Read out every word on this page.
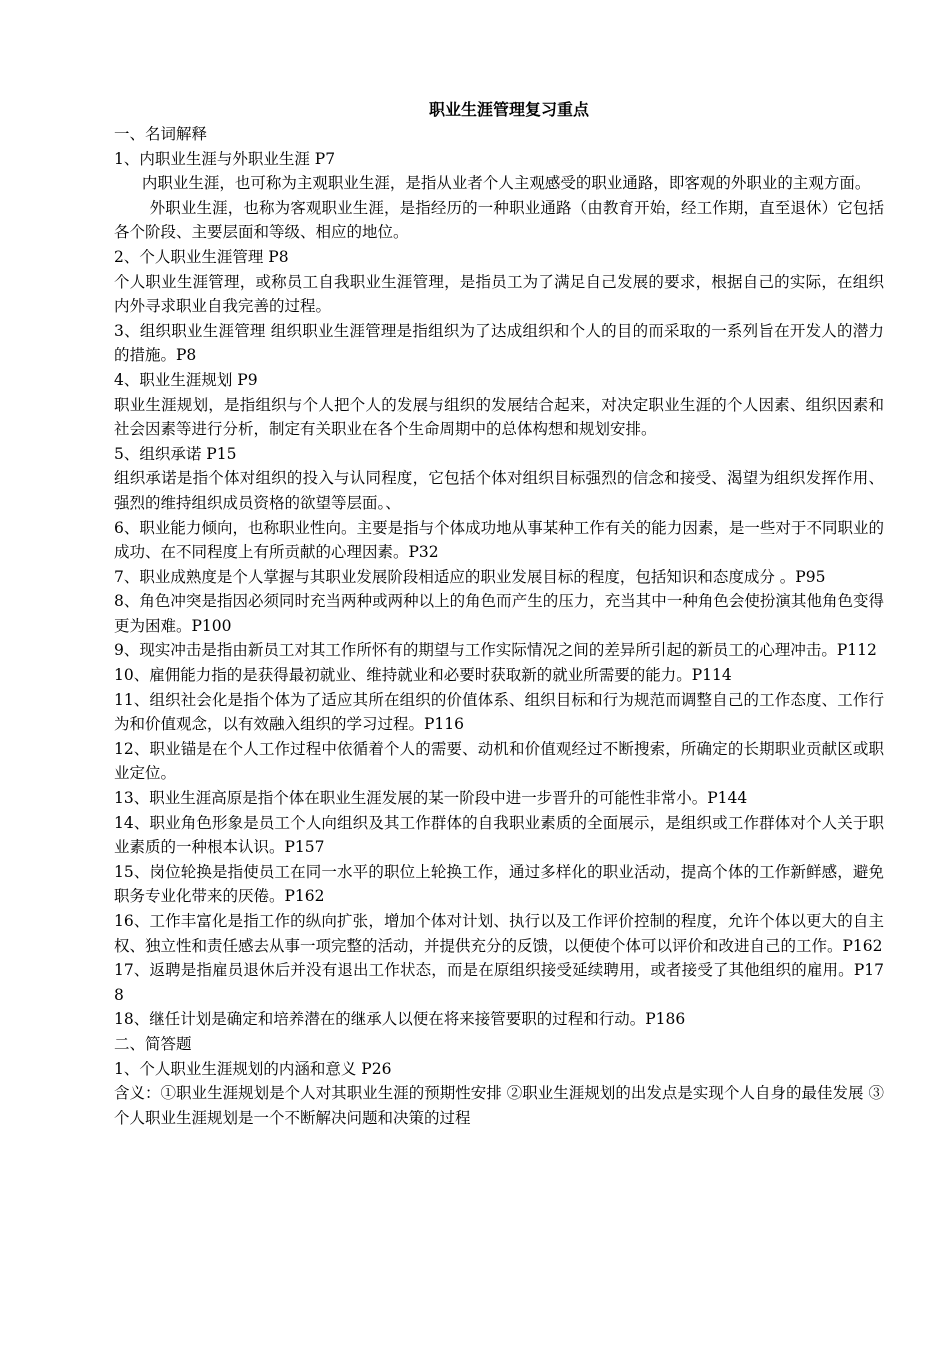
职业生涯管理复习重点

一、名词解释

1、内职业生涯与外职业生涯 P7

内职业生涯，也可称为主观职业生涯，是指从业者个人主观感受的职业通路，即客观的外职业的主观方面。

外职业生涯，也称为客观职业生涯，是指经历的一种职业通路（由教育开始，经工作期，直至退休）它包括各个阶段、主要层面和等级、相应的地位。

2、个人职业生涯管理 P8

个人职业生涯管理，或称员工自我职业生涯管理，是指员工为了满足自己发展的要求，根据自己的实际，在组织内外寻求职业自我完善的过程。

3、组织职业生涯管理 组织职业生涯管理是指组织为了达成组织和个人的目的而采取的一系列旨在开发人的潜力的措施。P8

4、职业生涯规划 P9

职业生涯规划，是指组织与个人把个人的发展与组织的发展结合起来，对决定职业生涯的个人因素、组织因素和社会因素等进行分析，制定有关职业在各个生命周期中的总体构想和规划安排。

5、组织承诺 P15

组织承诺是指个体对组织的投入与认同程度，它包括个体对组织目标强烈的信念和接受、渴望为组织发挥作用、强烈的维持组织成员资格的欲望等层面。、

6、职业能力倾向，也称职业性向。主要是指与个体成功地从事某种工作有关的能力因素，是一些对于不同职业的成功、在不同程度上有所贡献的心理因素。P32

7、职业成熟度是个人掌握与其职业发展阶段相适应的职业发展目标的程度，包括知识和态度成分 。P95

8、角色冲突是指因必须同时充当两种或两种以上的角色而产生的压力，充当其中一种角色会使扮演其他角色变得更为困难。P100

9、现实冲击是指由新员工对其工作所怀有的期望与工作实际情况之间的差异所引起的新员工的心理冲击。P112

10、雇佣能力指的是获得最初就业、维持就业和必要时获取新的就业所需要的能力。P114

11、组织社会化是指个体为了适应其所在组织的价值体系、组织目标和行为规范而调整自己的工作态度、工作行为和价值观念，以有效融入组织的学习过程。P116

12、职业锚是在个人工作过程中依循着个人的需要、动机和价值观经过不断搜索，所确定的长期职业贡献区或职业定位。

13、职业生涯高原是指个体在职业生涯发展的某一阶段中进一步晋升的可能性非常小。P144

14、职业角色形象是员工个人向组织及其工作群体的自我职业素质的全面展示，是组织或工作群体对个人关于职业素质的一种根本认识。P157

15、岗位轮换是指使员工在同一水平的职位上轮换工作，通过多样化的职业活动，提高个体的工作新鲜感，避免职务专业化带来的厌倦。P162

16、工作丰富化是指工作的纵向扩张，增加个体对计划、执行以及工作评价控制的程度，允许个体以更大的自主权、独立性和责任感去从事一项完整的活动，并提供充分的反馈，以便使个体可以评价和改进自己的工作。P162

17、返聘是指雇员退休后并没有退出工作状态，而是在原组织接受延续聘用，或者接受了其他组织的雇用。P178

18、继任计划是确定和培养潜在的继承人以便在将来接管要职的过程和行动。P186

二、简答题

1、个人职业生涯规划的内涵和意义 P26

含义：①职业生涯规划是个人对其职业生涯的预期性安排 ②职业生涯规划的出发点是实现个人自身的最佳发展 ③个人职业生涯规划是一个不断解决问题和决策的过程
